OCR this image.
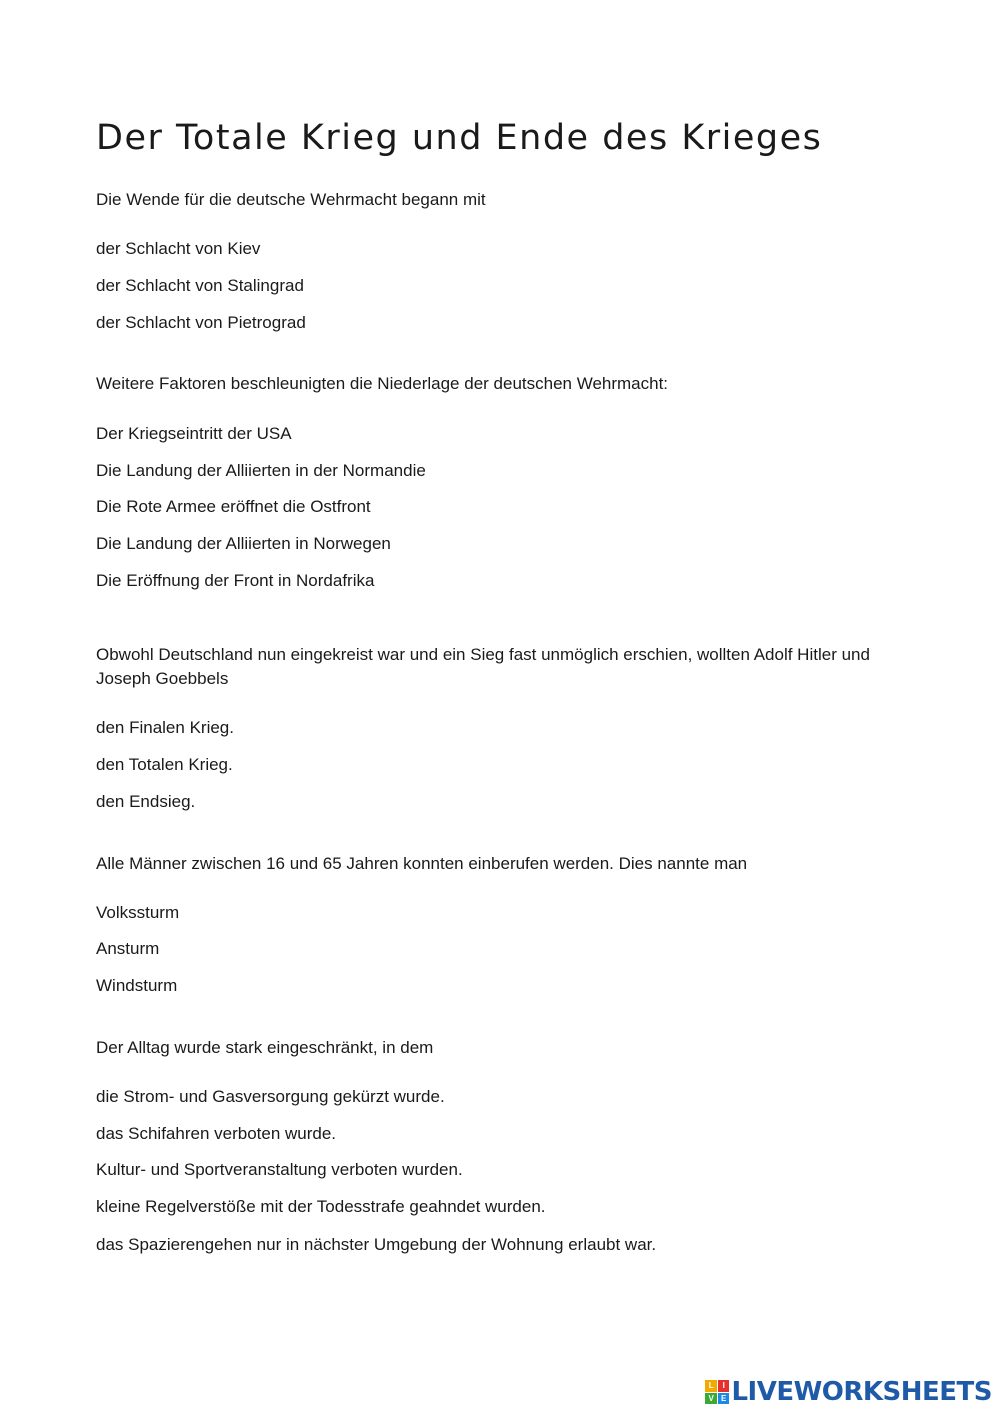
Der Totale Krieg und Ende des Krieges
Die Wende für die deutsche Wehrmacht begann mit
der Schlacht von Kiev
der Schlacht von Stalingrad
der Schlacht von Pietrograd
Weitere Faktoren beschleunigten die Niederlage der deutschen Wehrmacht:
Der Kriegseintritt der USA
Die Landung der Alliierten in der Normandie
Die Rote Armee eröffnet die Ostfront
Die Landung der Alliierten in Norwegen
Die Eröffnung der Front in Nordafrika
Obwohl Deutschland nun eingekreist war und ein Sieg fast unmöglich erschien, wollten Adolf Hitler und Joseph Goebbels
den Finalen Krieg.
den Totalen Krieg.
den Endsieg.
Alle Männer zwischen 16 und 65 Jahren konnten einberufen werden. Dies nannte man
Volkssturm
Ansturm
Windsturm
Der Alltag wurde stark eingeschränkt, in dem
die Strom- und Gasversorgung gekürzt wurde.
das Schifahren verboten wurde.
Kultur- und Sportveranstaltung verboten wurden.
kleine Regelverstöße mit der Todesstrafe geahndet wurden.
das Spazierengehen nur in nächster Umgebung der Wohnung erlaubt war.
L	I
V E LIVEWORKSHEETS
